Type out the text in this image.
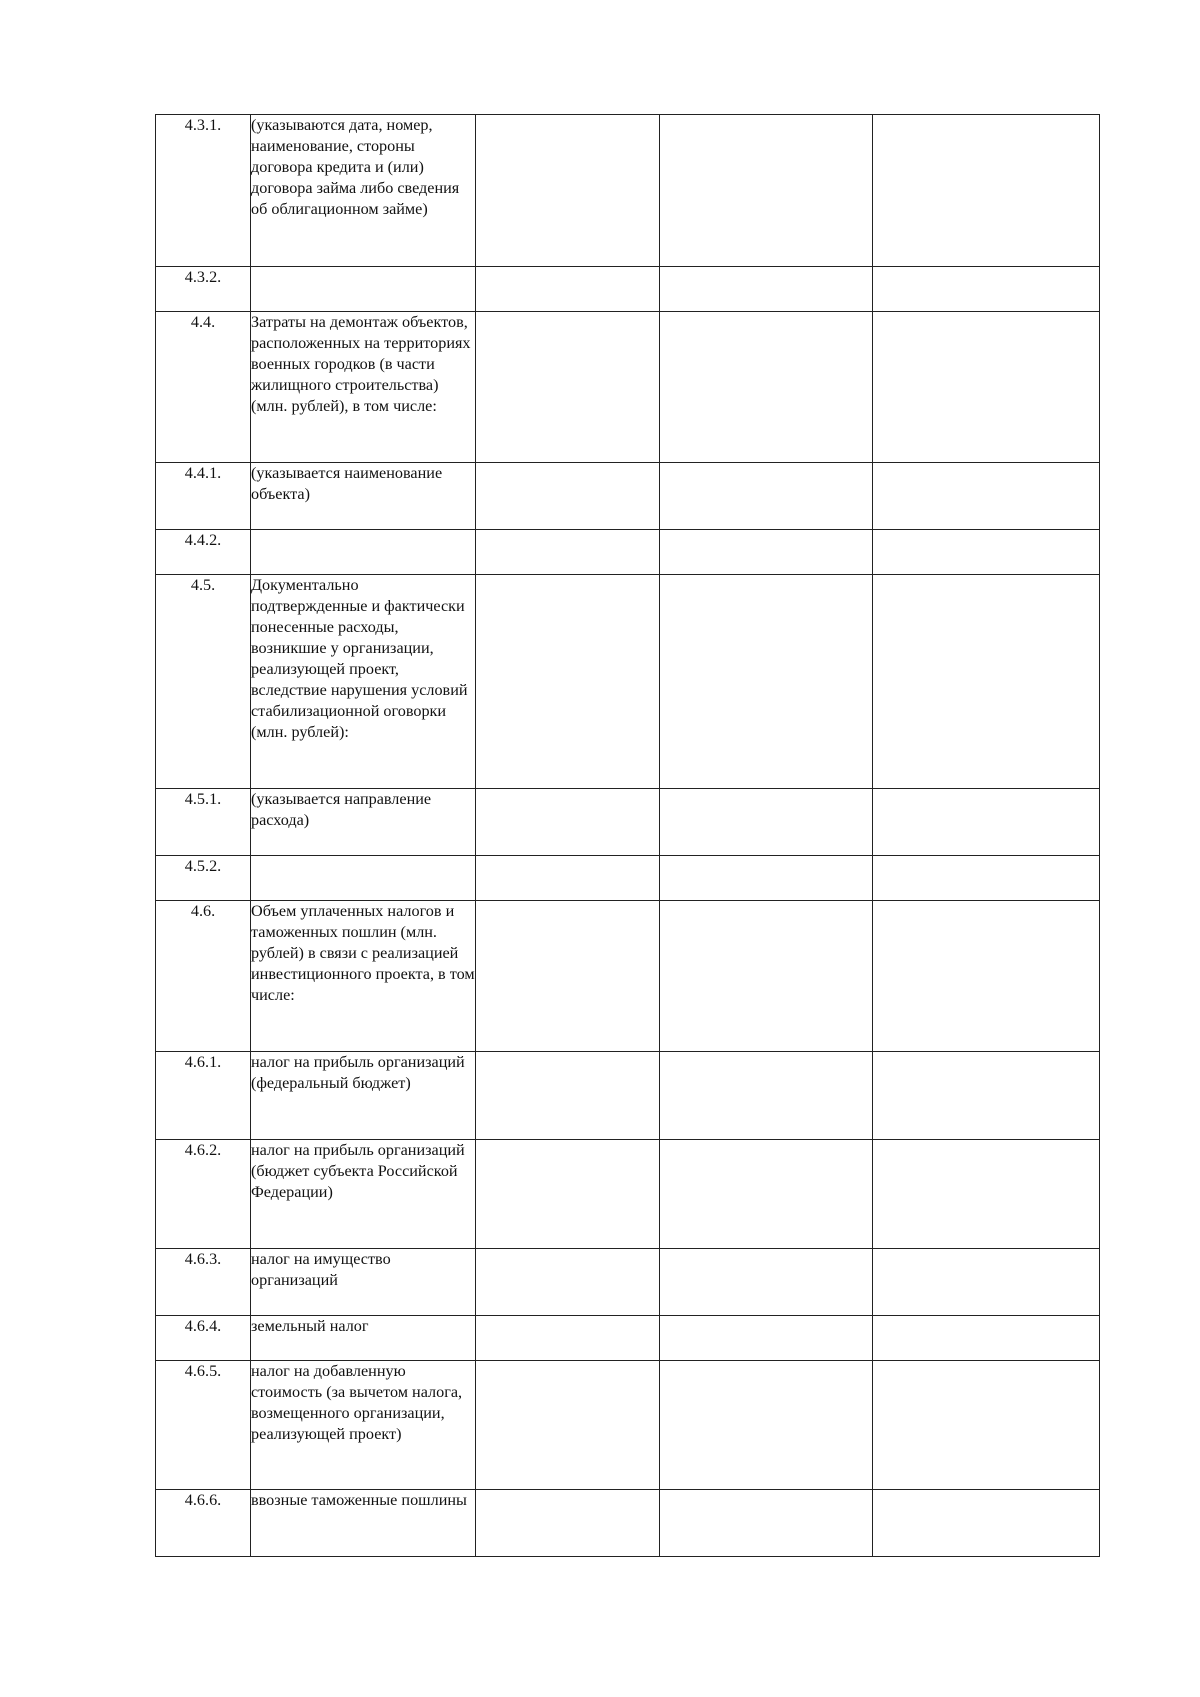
4.3.1.	(указываются дата, номер, наименование, стороны договора кредита и (или) договора займа либо сведения об облигационном займе)			

4.3.2.	

4.4.	Затраты на демонтаж объектов, расположенных на территориях военных городков (в части жилищного строительства) (млн. рублей), в том числе:			

4.4.1.	(указывается наименование объекта)			

4.4.2.	

4.5.	Документально подтвержденные и фактически понесенные расходы, возникшие у организации, реализующей проект, вследствие нарушения условий стабилизационной оговорки (млн. рублей):			

4.5.1.	(указывается направление расхода)			

4.5.2.	

4.6.	Объем уплаченных налогов и таможенных пошлин (млн. рублей) в связи с реализацией инвестиционного проекта, в том числе:			

4.6.1.	налог на прибыль организаций (федеральный бюджет)			

4.6.2.	налог на прибыль организаций (бюджет субъекта Российской Федерации)			

4.6.3.	налог на имущество организаций			

4.6.4.	земельный налог			

4.6.5.	налог на добавленную стоимость (за вычетом налога, возмещенного организации, реализующей проект)			

4.6.6.	ввозные таможенные пошлины			
